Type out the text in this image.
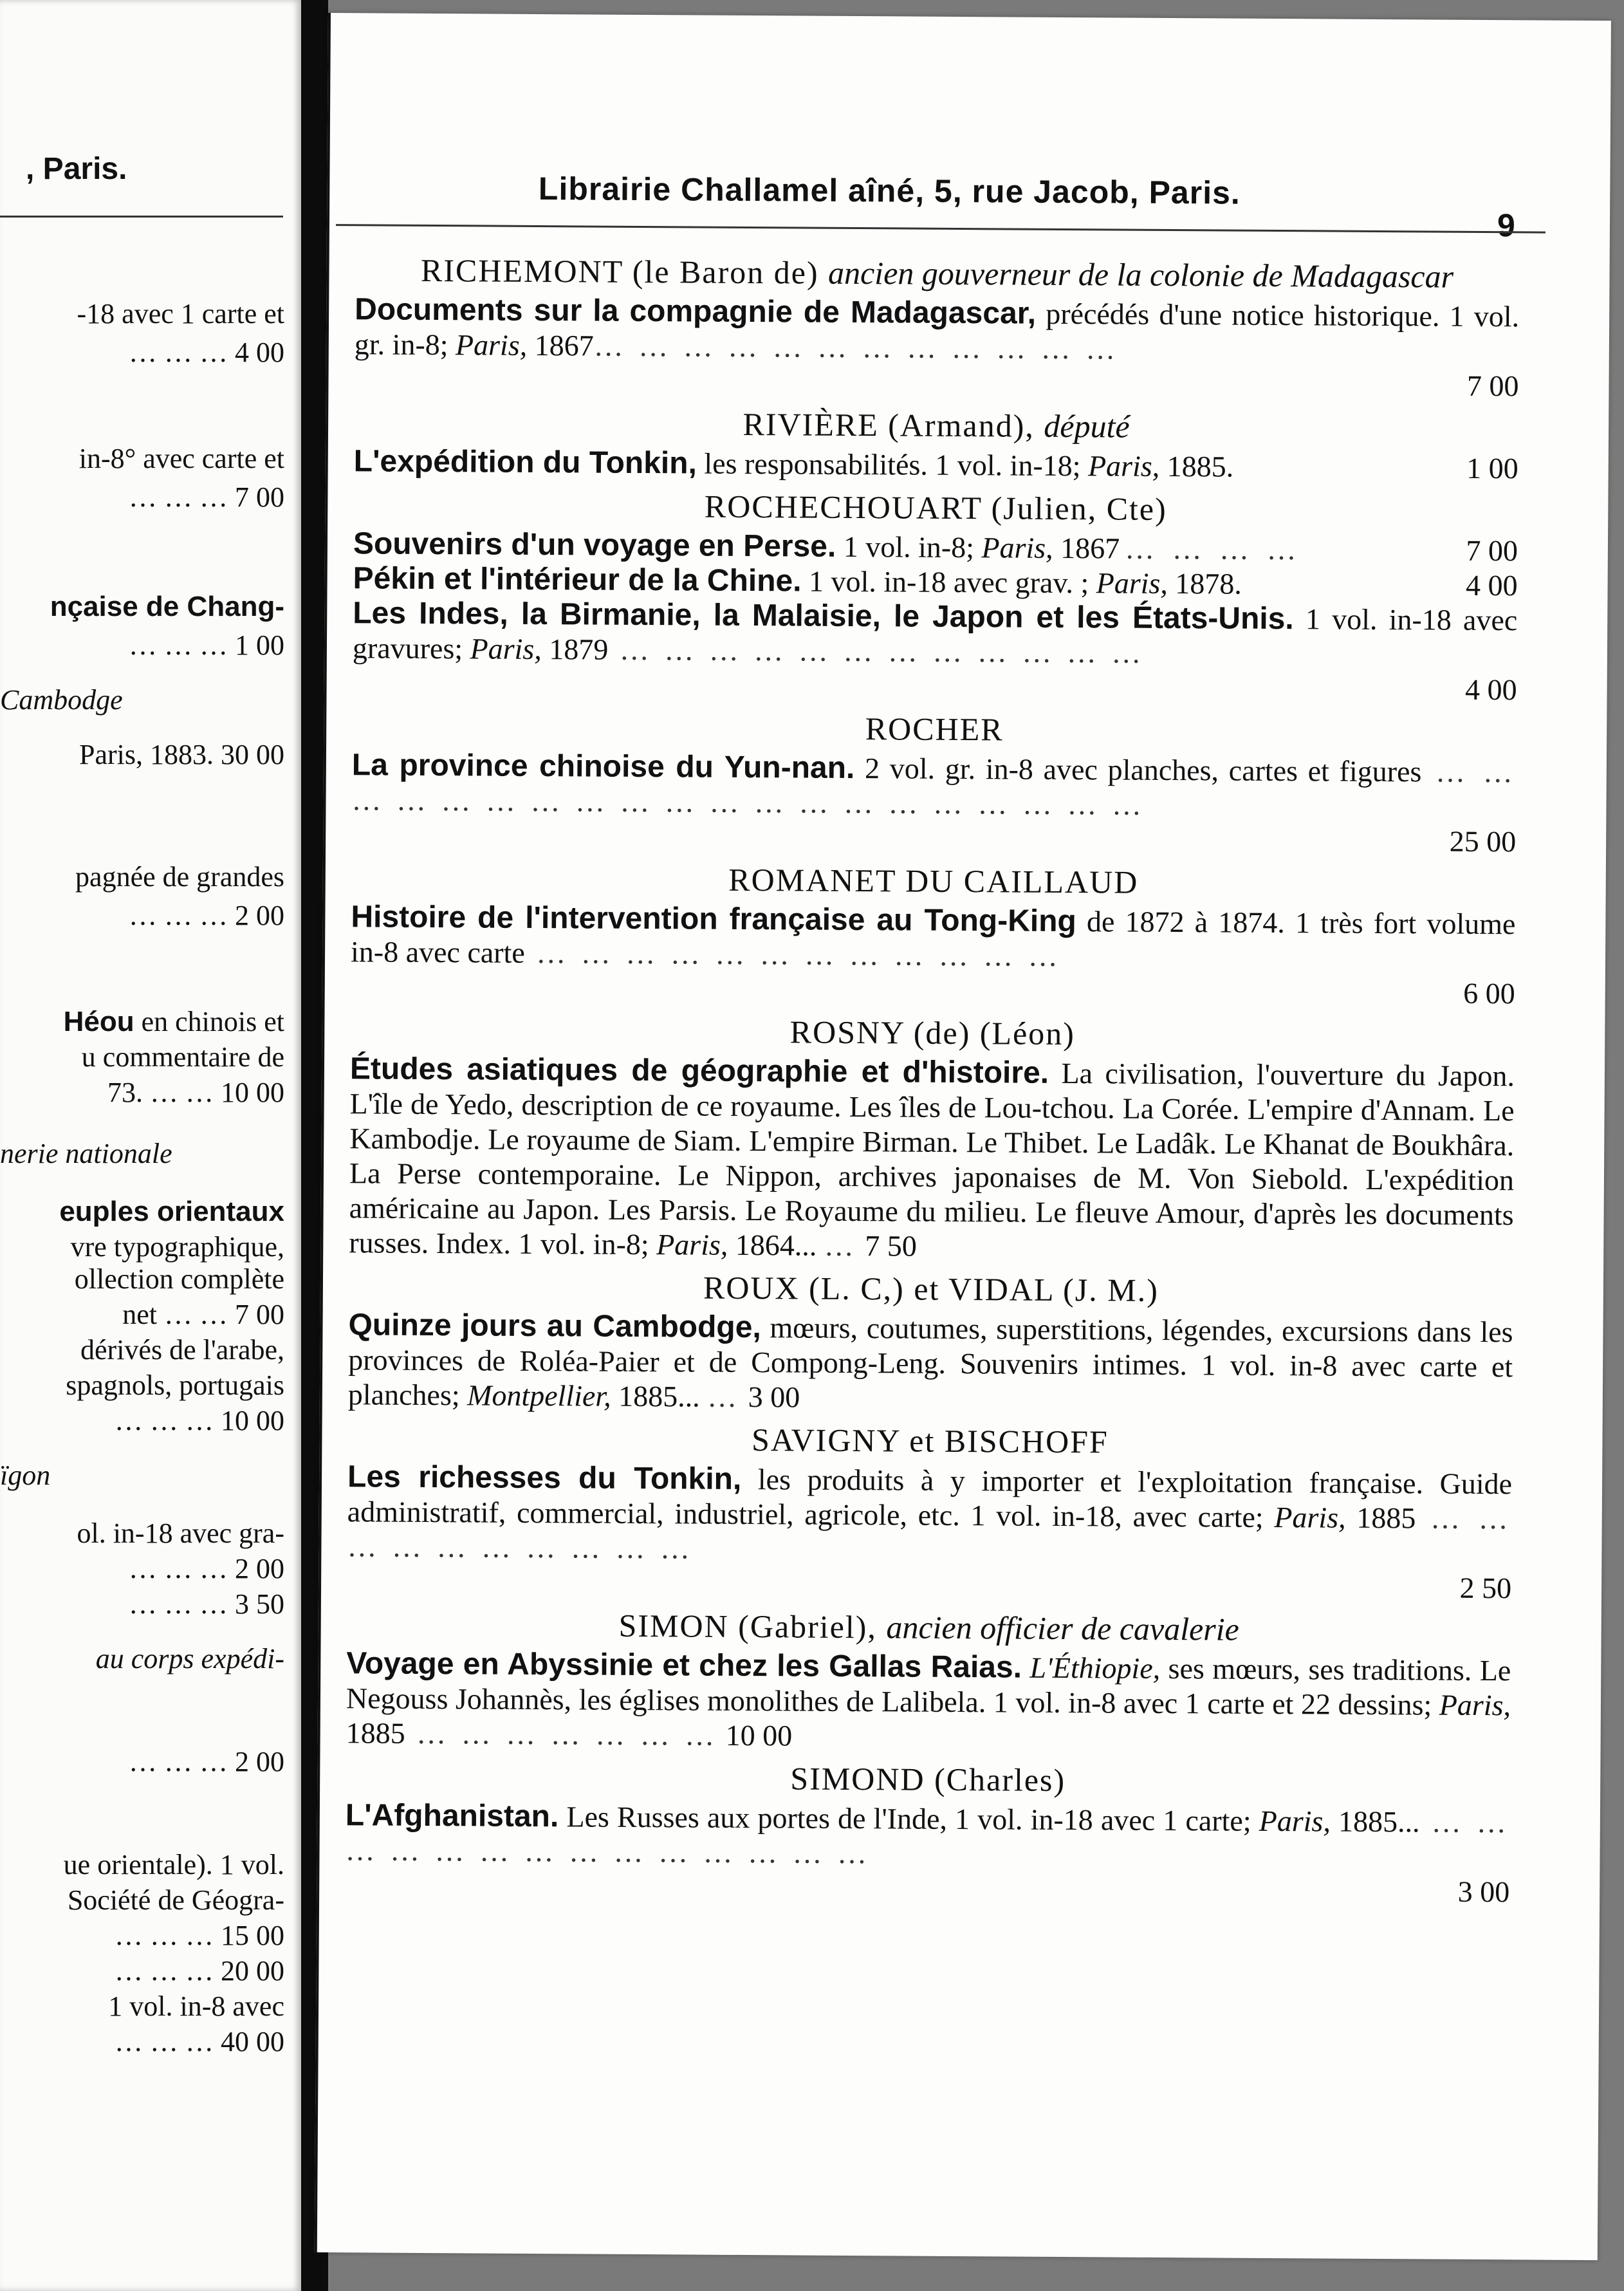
, Paris.
-18 avec 1 carte et
… … … 4 00
in-8° avec carte et
… … … 7 00
nçaise de Chang-
… … … 1 00
Cambodge
Paris, 1883. 30 00
pagnée de grandes
… … … 2 00
Héou en chinois et
u commentaire de
73. … … 10 00
nerie nationale
euples orientaux
vre typographique,
ollection complète
net … … 7 00
dérivés de l'arabe,
spagnols, portugais
… … … 10 00
ïgon
ol. in-18 avec gra-
… … … 2 00
… … … 3 50
au corps expédi-
… … … 2 00
ue orientale). 1 vol.
Société de Géogra-
… … … 15 00
… … … 20 00
1 vol. in-8 avec
… … … 40 00
Librairie Challamel aîné, 5, rue Jacob, Paris.
9
RICHEMONT (le Baron de) ancien gouverneur de la colonie de Madagascar
Documents sur la compagnie de Madagascar, précédés d'une notice historique. 1 vol. gr. in-8; Paris, 1867… … … … … … … … … … … …
7 00
RIVIÈRE (Armand), député
L'expédition du Tonkin, les responsabilités. 1 vol. in-18; Paris, 1885.	1 00
ROCHECHOUART (Julien, Cte)
Souvenirs d'un voyage en Perse. 1 vol. in-8; Paris, 1867 … … … …	7 00
Pékin et l'intérieur de la Chine. 1 vol. in-18 avec grav. ; Paris, 1878.	4 00
Les Indes, la Birmanie, la Malaisie, le Japon et les États-Unis. 1 vol. in-18 avec gravures; Paris, 1879 … … … … … … … … … … … …
4 00
ROCHER
La province chinoise du Yun-nan. 2 vol. gr. in-8 avec planches, cartes et figures … … … … … … … … … … … … … … … … … … … …
25 00
ROMANET DU CAILLAUD
Histoire de l'intervention française au Tong-King de 1872 à 1874. 1 très fort volume in-8 avec carte … … … … … … … … … … … …
6 00
ROSNY (de) (Léon)
Études asiatiques de géographie et d'histoire. La civilisation, l'ouverture du Japon. L'île de Yedo, description de ce royaume. Les îles de Lou-tchou. La Corée. L'empire d'Annam. Le Kambodje. Le royaume de Siam. L'empire Birman. Le Thibet. Le Ladâk. Le Khanat de Boukhâra. La Perse contemporaine. Le Nippon, archives japonaises de M. Von Siebold. L'expédition américaine au Japon. Les Parsis. Le Royaume du milieu. Le fleuve Amour, d'après les documents russes. Index. 1 vol. in-8; Paris, 1864... … 7 50
ROUX (L. C,) et VIDAL (J. M.)
Quinze jours au Cambodge, mœurs, coutumes, superstitions, légendes, excursions dans les provinces de Roléa-Paier et de Compong-Leng. Souvenirs intimes. 1 vol. in-8 avec carte et planches; Montpellier, 1885... … 3 00
SAVIGNY et BISCHOFF
Les richesses du Tonkin, les produits à y importer et l'exploitation française. Guide administratif, commercial, industriel, agricole, etc. 1 vol. in-18, avec carte; Paris, 1885 … … … … … … … … … …
2 50
SIMON (Gabriel), ancien officier de cavalerie
Voyage en Abyssinie et chez les Gallas Raias. L'Éthiopie, ses mœurs, ses traditions. Le Negouss Johannès, les églises monolithes de Lalibela. 1 vol. in-8 avec 1 carte et 22 dessins; Paris, 1885 … … … … … … … 10 00
SIMOND (Charles)
L'Afghanistan. Les Russes aux portes de l'Inde, 1 vol. in-18 avec 1 carte; Paris, 1885... … … … … … … … … … … … … … …
3 00
